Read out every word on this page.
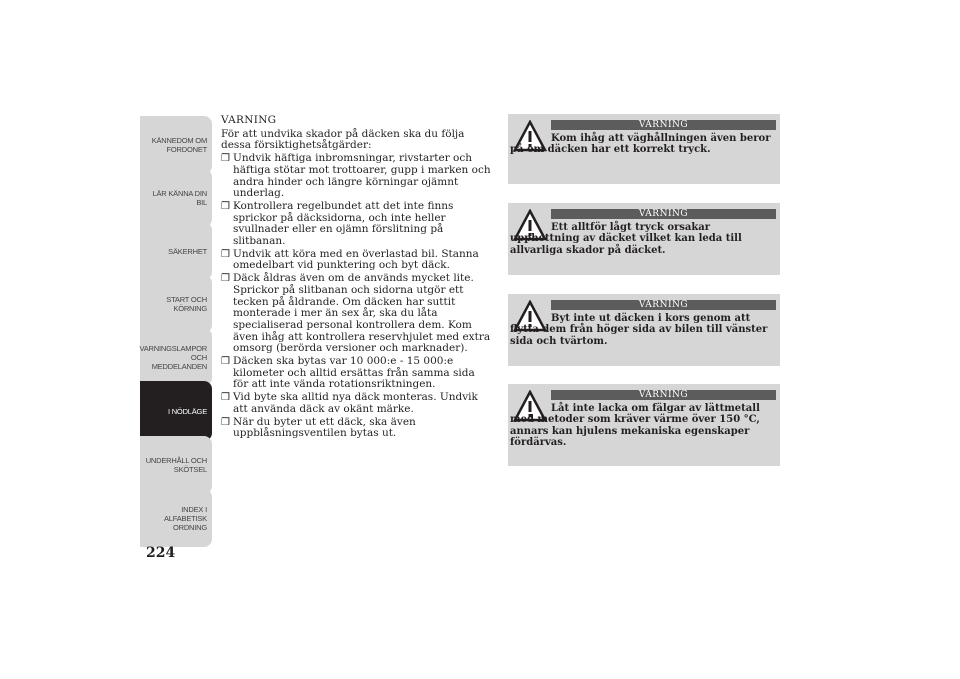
KÄNNEDOM OM FORDONET
LÄR KÄNNA DIN BIL
SÄKERHET
START OCH KÖRNING
VARNINGSLAMPOR OCH MEDDELANDEN
I NÖDLÄGE
UNDERHÅLL OCH SKÖTSEL
INDEX I ALFABETISK ORDNING
224
VARNING
För att undvika skador på däcken ska du följa dessa försiktighetsåtgärder:
❒ Undvik häftiga inbromsningar, rivstarter och häftiga stötar mot trottoarer, gupp i marken och andra hinder och längre körningar ojämnt underlag.
❒ Kontrollera regelbundet att det inte finns sprickor på däcksidorna, och inte heller svullnader eller en ojämn förslitning på slitbanan.
❒ Undvik att köra med en överlastad bil. Stanna omedelbart vid punktering och byt däck.
❒ Däck åldras även om de används mycket lite. Sprickor på slitbanan och sidorna utgör ett tecken på åldrande. Om däcken har suttit monterade i mer än sex år, ska du låta specialiserad personal kontrollera dem. Kom även ihåg att kontrollera reservhjulet med extra omsorg (berörda versioner och marknader).
❒ Däcken ska bytas var 10 000:e - 15 000:e kilometer och alltid ersättas från samma sida för att inte vända rotationsriktningen.
❒ Vid byte ska alltid nya däck monteras. Undvik att använda däck av okänt märke.
❒ När du byter ut ett däck, ska även uppblåsningsventilen bytas ut.
VARNING
Kom ihåg att väghållningen även beror på om däcken har ett korrekt tryck.
VARNING
Ett alltför lågt tryck orsakar upphettning av däcket vilket kan leda till allvarliga skador på däcket.
VARNING
Byt inte ut däcken i kors genom att flytta dem från höger sida av bilen till vänster sida och tvärtom.
VARNING
Låt inte lacka om fälgar av lättmetall med metoder som kräver värme över 150 °C, annars kan hjulens mekaniska egenskaper fördärvas.
